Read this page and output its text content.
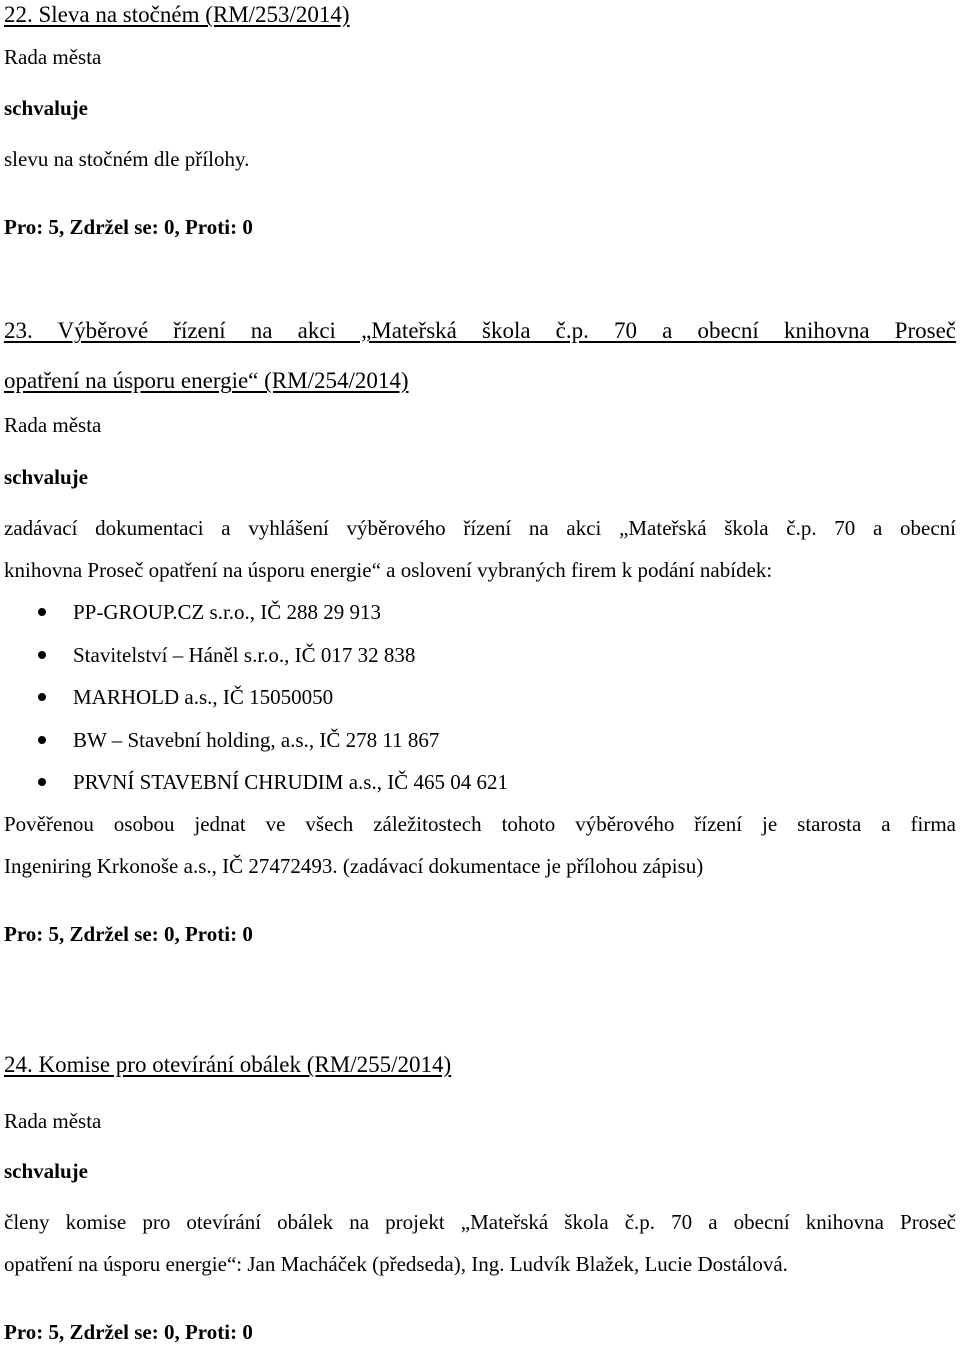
22. Sleva na stočném (RM/253/2014)
Rada města
schvaluje
slevu na stočném dle přílohy.
Pro: 5, Zdržel se: 0, Proti: 0
23. Výběrové řízení na akci „Mateřská škola č.p. 70 a obecní knihovna Proseč
opatření na úsporu energie“ (RM/254/2014)
Rada města
schvaluje
zadávací dokumentaci a vyhlášení výběrového řízení na akci „Mateřská škola č.p. 70 a obecní
knihovna Proseč opatření na úsporu energie“ a oslovení vybraných firem k podání nabídek:
PP-GROUP.CZ s.r.o., IČ 288 29 913
Stavitelství – Háněl s.r.o., IČ 017 32 838
MARHOLD a.s., IČ 15050050
BW – Stavební holding, a.s., IČ 278 11 867
PRVNÍ STAVEBNÍ CHRUDIM a.s., IČ 465 04 621
Pověřenou osobou jednat ve všech záležitostech tohoto výběrového řízení je starosta a firma
Ingeniring Krkonoše a.s., IČ 27472493. (zadávací dokumentace je přílohou zápisu)
Pro: 5, Zdržel se: 0, Proti: 0
24. Komise pro otevírání obálek (RM/255/2014)
Rada města
schvaluje
členy komise pro otevírání obálek na projekt „Mateřská škola č.p. 70 a obecní knihovna Proseč
opatření na úsporu energie“: Jan Macháček (předseda), Ing. Ludvík Blažek, Lucie Dostálová.
Pro: 5, Zdržel se: 0, Proti: 0
